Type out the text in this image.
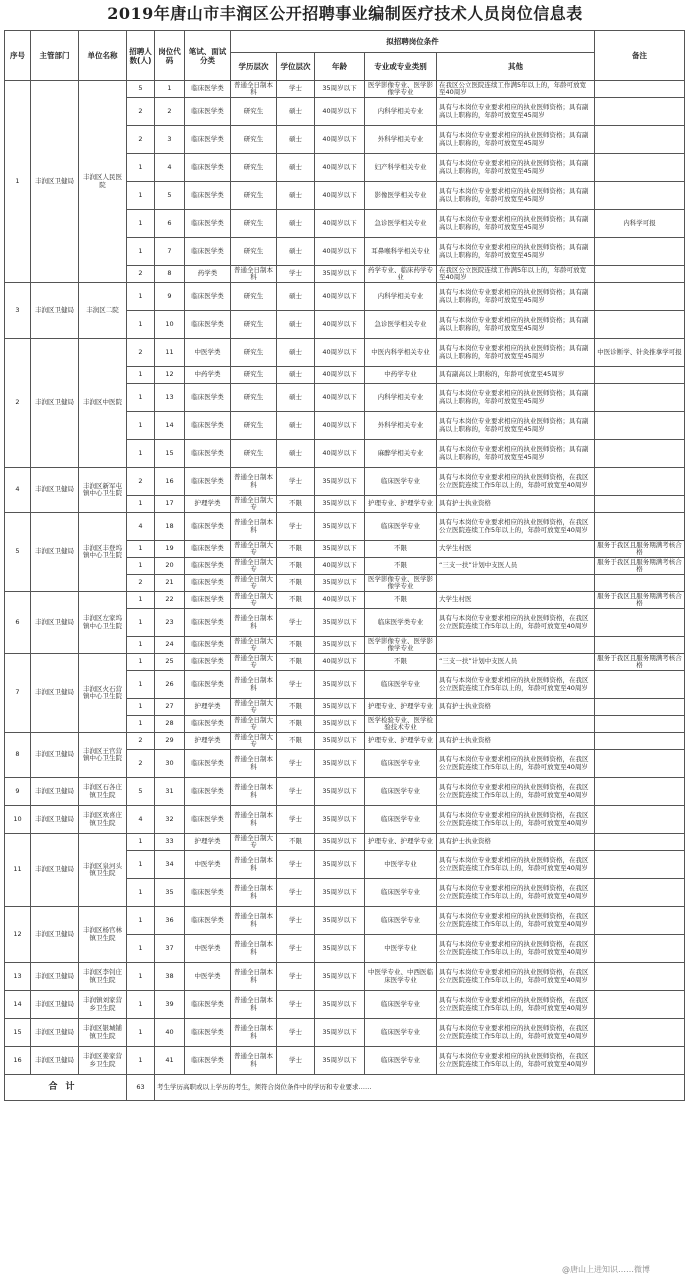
2019年唐山市丰润区公开招聘事业编制医疗技术人员岗位信息表
序号	主管部门	单位名称	招聘人数(人)	岗位代码	笔试、面试分类	拟招聘岗位条件					备注
						学历层次	学位层次	年龄	专业或专业类别	其他	
1	丰润区卫健局	丰润区人民医院	5	1	临床医学类	普通全日制本科	学士	35周岁以下	医学影像专业、医学影像学专业	在我区公立医院连续工作满5年以上的，年龄可放宽至40周岁	
			2	2	临床医学类	研究生	硕士	40周岁以下	内科学相关专业	具有与本岗位专业要求相应的执业医师资格；具有副高以上职称的，年龄可放宽至45周岁	
			2	3	临床医学类	研究生	硕士	40周岁以下	外科学相关专业	具有与本岗位专业要求相应的执业医师资格；具有副高以上职称的，年龄可放宽至45周岁	
			1	4	临床医学类	研究生	硕士	40周岁以下	妇产科学相关专业	具有与本岗位专业要求相应的执业医师资格；具有副高以上职称的，年龄可放宽至45周岁	
			1	5	临床医学类	研究生	硕士	40周岁以下	影像医学相关专业	具有与本岗位专业要求相应的执业医师资格；具有副高以上职称的，年龄可放宽至45周岁	
			1	6	临床医学类	研究生	硕士	40周岁以下	急诊医学相关专业	具有与本岗位专业要求相应的执业医师资格；具有副高以上职称的，年龄可放宽至45周岁	内科学可报
			1	7	临床医学类	研究生	硕士	40周岁以下	耳鼻喉科学相关专业	具有与本岗位专业要求相应的执业医师资格；具有副高以上职称的，年龄可放宽至45周岁	
			2	8	药学类	普通全日制本科	学士	35周岁以下	药学专业、临床药学专业	在我区公立医院连续工作满5年以上的，年龄可放宽至40周岁	
3	丰润区卫健局	丰润区二院	1	9	临床医学类	研究生	硕士	40周岁以下	内科学相关专业	具有与本岗位专业要求相应的执业医师资格；具有副高以上职称的，年龄可放宽至45周岁	
			1	10	临床医学类	研究生	硕士	40周岁以下	急诊医学相关专业	具有与本岗位专业要求相应的执业医师资格；具有副高以上职称的，年龄可放宽至45周岁	
2	丰润区卫健局	丰润区中医院	2	11	中医学类	研究生	硕士	40周岁以下	中医内科学相关专业	具有与本岗位专业要求相应的执业医师资格；具有副高以上职称的，年龄可放宽至45周岁	中医诊断学、针灸推拿学可报
			1	12	中药学类	研究生	硕士	40周岁以下	中药学专业	具有副高以上职称的，年龄可放宽至45周岁	
			1	13	临床医学类	研究生	硕士	40周岁以下	内科学相关专业	具有与本岗位专业要求相应的执业医师资格；具有副高以上职称的，年龄可放宽至45周岁	
			1	14	临床医学类	研究生	硕士	40周岁以下	外科学相关专业	具有与本岗位专业要求相应的执业医师资格；具有副高以上职称的，年龄可放宽至45周岁	
			1	15	临床医学类	研究生	硕士	40周岁以下	麻醉学相关专业	具有与本岗位专业要求相应的执业医师资格；具有副高以上职称的，年龄可放宽至45周岁	
4	丰润区卫健局	丰润区新军屯镇中心卫生院	2	16	临床医学类	普通全日制本科	学士	35周岁以下	临床医学专业	具有与本岗位专业要求相应的执业医师资格，在我区公立医院连续工作5年以上的，年龄可放宽至40周岁	
			1	17	护理学类	普通全日制大专	不限	35周岁以下	护理专业、护理学专业	具有护士执业资格	
5	丰润区卫健局	丰润区丰登坞镇中心卫生院	4	18	临床医学类	普通全日制本科	学士	35周岁以下	临床医学专业	具有与本岗位专业要求相应的执业医师资格，在我区公立医院连续工作5年以上的，年龄可放宽至40周岁	
			1	19	临床医学类	普通全日制大专	不限	35周岁以下	不限	大学生村医	服务于我区且服务期满考核合格
			1	20	临床医学类	普通全日制大专	不限	40周岁以下	不限	“三支一扶”计划中支医人员	服务于我区且服务期满考核合格
			2	21	临床医学类	普通全日制大专	不限	35周岁以下	医学影像专业、医学影像学专业		
6	丰润区卫健局	丰润区左家坞镇中心卫生院	1	22	临床医学类	普通全日制大专	不限	40周岁以下	不限	大学生村医	服务于我区且服务期满考核合格
			1	23	临床医学类	普通全日制本科	学士	35周岁以下	临床医学类专业	具有与本岗位专业要求相应的执业医师资格，在我区公立医院连续工作5年以上的，年龄可放宽至40周岁	
			1	24	临床医学类	普通全日制大专	不限	35周岁以下	医学影像专业、医学影像学专业		
7	丰润区卫健局	丰润区火石营镇中心卫生院	1	25	临床医学类	普通全日制大专	不限	40周岁以下	不限	“三支一扶”计划中支医人员	服务于我区且服务期满考核合格
			1	26	临床医学类	普通全日制本科	学士	35周岁以下	临床医学专业	具有与本岗位专业要求相应的执业医师资格，在我区公立医院连续工作5年以上的，年龄可放宽至40周岁	
			1	27	护理学类	普通全日制大专	不限	35周岁以下	护理专业、护理学专业	具有护士执业资格	
			1	28	临床医学类	普通全日制大专	不限	35周岁以下	医学检验专业、医学检验技术专业		
8	丰润区卫健局	丰润区王官营镇中心卫生院	2	29	护理学类	普通全日制大专	不限	35周岁以下	护理专业、护理学专业	具有护士执业资格	
			2	30	临床医学类	普通全日制本科	学士	35周岁以下	临床医学专业	具有与本岗位专业要求相应的执业医师资格，在我区公立医院连续工作5年以上的，年龄可放宽至40周岁	
9	丰润区卫健局	丰润区石各庄镇卫生院	5	31	临床医学类	普通全日制本科	学士	35周岁以下	临床医学专业	具有与本岗位专业要求相应的执业医师资格，在我区公立医院连续工作5年以上的，年龄可放宽至40周岁	
10	丰润区卫健局	丰润区欢喜庄镇卫生院	4	32	临床医学类	普通全日制本科	学士	35周岁以下	临床医学专业	具有与本岗位专业要求相应的执业医师资格，在我区公立医院连续工作5年以上的，年龄可放宽至40周岁	
11	丰润区卫健局	丰润区泉河头镇卫生院	1	33	护理学类	普通全日制大专	不限	35周岁以下	护理专业、护理学专业	具有护士执业资格	
			1	34	中医学类	普通全日制本科	学士	35周岁以下	中医学专业	具有与本岗位专业要求相应的执业医师资格，在我区公立医院连续工作5年以上的，年龄可放宽至40周岁	
			1	35	临床医学类	普通全日制本科	学士	35周岁以下	临床医学专业	具有与本岗位专业要求相应的执业医师资格，在我区公立医院连续工作5年以上的，年龄可放宽至40周岁	
12	丰润区卫健局	丰润区杨官林镇卫生院	1	36	临床医学类	普通全日制本科	学士	35周岁以下	临床医学专业	具有与本岗位专业要求相应的执业医师资格，在我区公立医院连续工作5年以上的，年龄可放宽至40周岁	
			1	37	中医学类	普通全日制本科	学士	35周岁以下	中医学专业	具有与本岗位专业要求相应的执业医师资格，在我区公立医院连续工作5年以上的，年龄可放宽至40周岁	
13	丰润区卫健局	丰润区李钊庄镇卫生院	1	38	中医学类	普通全日制本科	学士	35周岁以下	中医学专业、中西医临床医学专业	具有与本岗位专业要求相应的执业医师资格，在我区公立医院连续工作5年以上的，年龄可放宽至40周岁	
14	丰润区卫健局	丰润镇刘家营乡卫生院	1	39	临床医学类	普通全日制本科	学士	35周岁以下	临床医学专业	具有与本岗位专业要求相应的执业医师资格，在我区公立医院连续工作5年以上的，年龄可放宽至40周岁	
15	丰润区卫健局	丰润区银城铺镇卫生院	1	40	临床医学类	普通全日制本科	学士	35周岁以下	临床医学专业	具有与本岗位专业要求相应的执业医师资格，在我区公立医院连续工作5年以上的，年龄可放宽至40周岁	
16	丰润区卫健局	丰润区姜家营乡卫生院	1	41	临床医学类	普通全日制本科	学士	35周岁以下	临床医学专业	具有与本岗位专业要求相应的执业医师资格，在我区公立医院连续工作5年以上的，年龄可放宽至40周岁	
合计			63	考生学历高职或以上学历的考生，须符合岗位条件中的学历和专业要求……							
@唐山上进知识……微博
